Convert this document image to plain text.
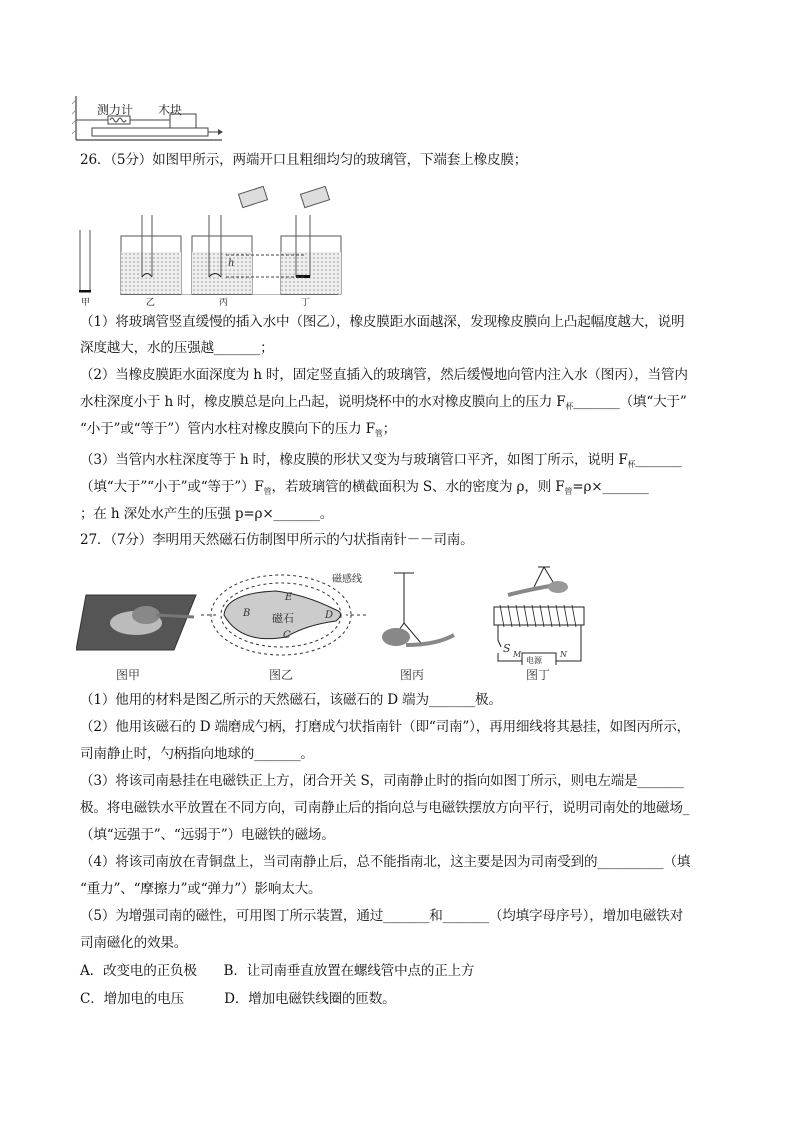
测力计 木块
h
甲	乙	丙	丁
磁感线
磁石
B
C
D
E
S M	N
电源
图甲	图乙	图丙	图丁
26．（5分）如图甲所示，两端开口且粗细均匀的玻璃管，下端套上橡皮膜；
（1）将玻璃管竖直缓慢的插入水中（图乙），橡皮膜距水面越深，发现橡皮膜向上凸起幅度越大，说明
深度越大，水的压强越_______；
（2）当橡皮膜距水面深度为 h 时，固定竖直插入的玻璃管，然后缓慢地向管内注入水（图丙），当管内
水柱深度小于 h 时，橡皮膜总是向上凸起，说明烧杯中的水对橡皮膜向上的压力 $F_杯\_\_\_\_\_\_\_$（填“大于”
“小于”或“等于”）管内水柱对橡皮膜向下的压力 $F_管$；
（3）当管内水柱深度等于 h 时，橡皮膜的形状又变为与玻璃管口平齐，如图丁所示，说明 $F_杯\_\_\_\_\_\_\_$
（填“大于”“小于”或“等于$”)F_管$，若玻璃管的横截面积为 S、水的密度为 ρ，则 $F_管=\rho\times\_\_\_\_\_\_\_$
；在 h 深处水产生的压强 p=ρ×_______。
27．（7分）李明用天然磁石仿制图甲所示的勺状指南针－－司南。
（1）他用的材料是图乙所示的天然磁石，该磁石的 D 端为_______极。
（2）他用该磁石的 D 端磨成勺柄，打磨成勺状指南针（即“司南”），再用细线将其悬挂，如图丙所示，
司南静止时，勺柄指向地球的_______。
（3）将该司南悬挂在电磁铁正上方，闭合开关 S，司南静止时的指向如图丁所示，则电左端是_______
极。将电磁铁水平放置在不同方向，司南静止后的指向总与电磁铁摆放方向平行，说明司南处的地磁场_
（填“远强于”、“远弱于”）电磁铁的磁场。
（4）将该司南放在青铜盘上，当司南静止后，总不能指南北，这主要是因为司南受到的__________（填
“重力”、“摩擦力”或“弹力”）影响太大。
（5）为增强司南的磁性，可用图丁所示装置，通过_______和_______（均填字母序号），增加电磁铁对
司南磁化的效果。
A．改变电的正负极　　B．让司南垂直放置在螺线管中点的正上方
C．增加电的电压　　　D．增加电磁铁线圈的匝数。
